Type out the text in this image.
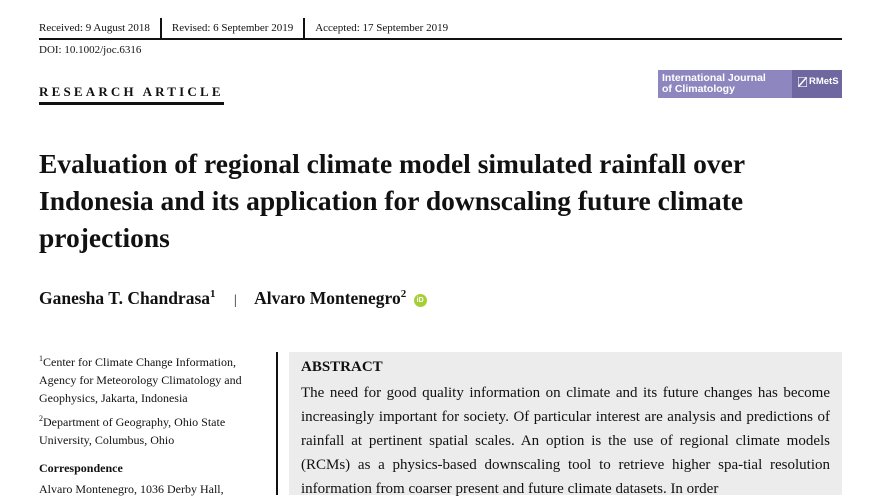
Received: 9 August 2018	Revised: 6 September 2019	Accepted: 17 September 2019
DOI: 10.1002/joc.6316
RESEARCH ARTICLE
International Journal
of Climatology
RMetS
Evaluation of regional climate model simulated rainfall over Indonesia and its application for downscaling future climate projections
Ganesha T. Chandrasa$^1$ | Alvaro Montenegro$^2$ iD

$^1$Center for Climate Change Information, Agency for Meteorology Climatology and Geophysics, Jakarta, Indonesia

$^2$Department of Geography, Ohio State University, Columbus, Ohio

Correspondence

Alvaro Montenegro, 1036 Derby Hall,

ABSTRACT

The need for good quality information on climate and its future changes has become increasingly important for society. Of particular interest are analysis and predictions of rainfall at pertinent spatial scales. An option is the use of regional climate models (RCMs) as a physics-based downscaling tool to retrieve higher spa-tial resolution information from coarser present and future climate datasets. In order
